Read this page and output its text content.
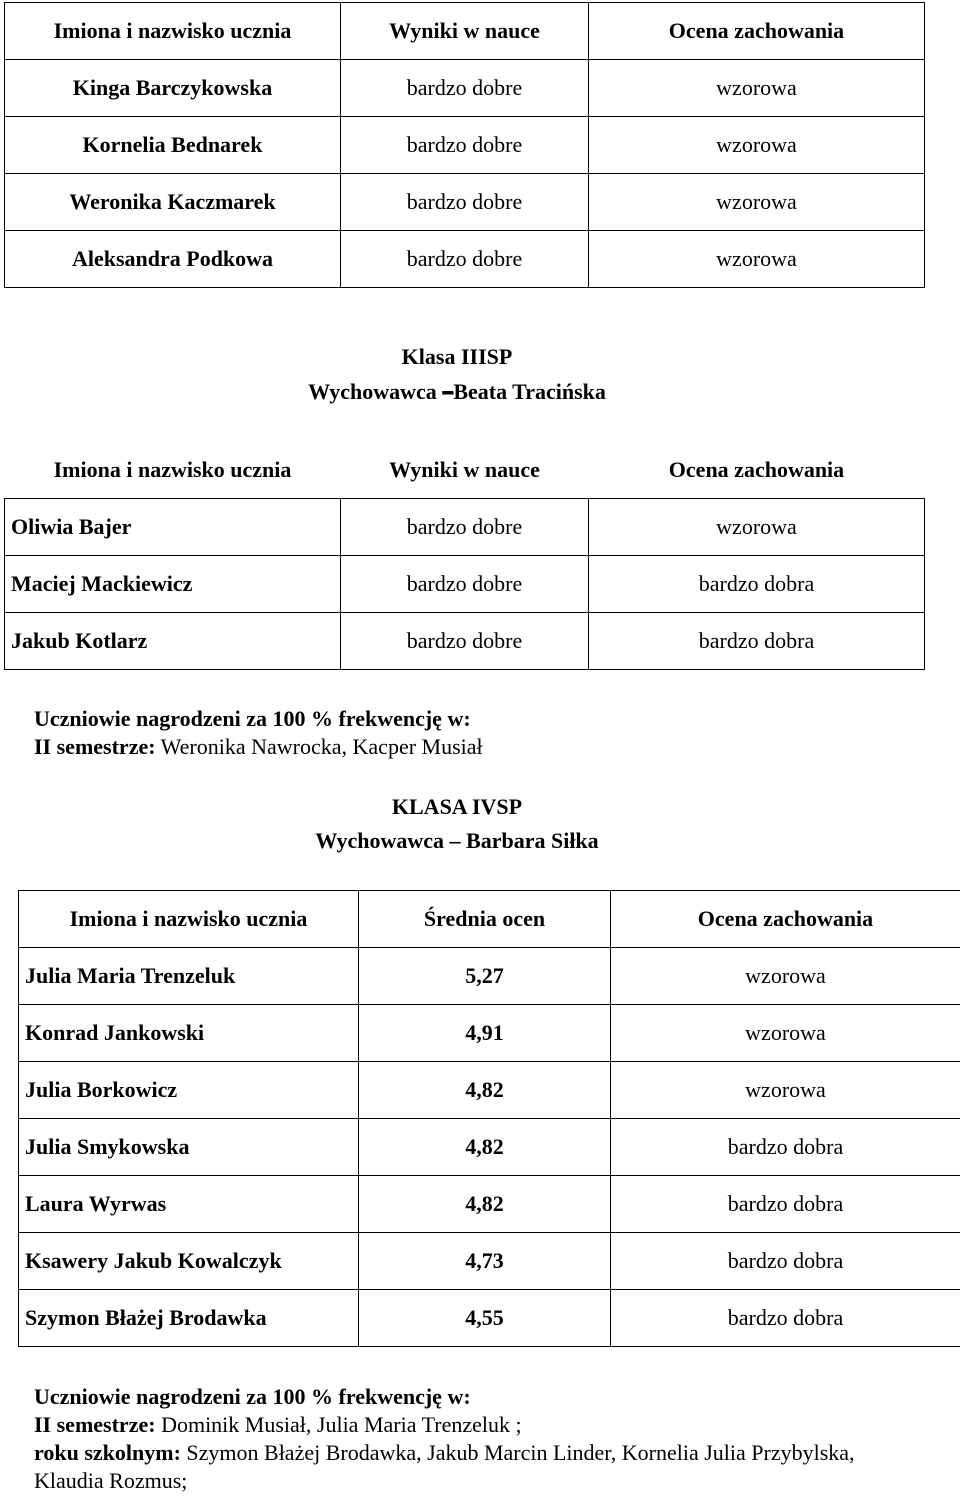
Imiona i nazwisko ucznia	Wyniki w nauce	Ocena zachowania
Kinga Barczykowska	bardzo dobre	wzorowa
Kornelia Bednarek	bardzo dobre	wzorowa
Weronika Kaczmarek	bardzo dobre	wzorowa
Aleksandra Podkowa	bardzo dobre	wzorowa
Klasa IIISP
Wychowawca –Beata Tracińska
Imiona i nazwisko ucznia	Wyniki w nauce	Ocena zachowania
Oliwia Bajer	bardzo dobre	wzorowa
Maciej Mackiewicz	bardzo dobre	bardzo dobra
Jakub Kotlarz	bardzo dobre	bardzo dobra
Uczniowie nagrodzeni za 100 % frekwencję w:
II semestrze: Weronika Nawrocka, Kacper Musiał
KLASA IVSP
Wychowawca – Barbara Siłka
Imiona i nazwisko ucznia	Średnia ocen	Ocena zachowania
Julia Maria Trenzeluk	5,27	wzorowa
Konrad Jankowski	4,91	wzorowa
Julia Borkowicz	4,82	wzorowa
Julia Smykowska	4,82	bardzo dobra
Laura Wyrwas	4,82	bardzo dobra
Ksawery Jakub Kowalczyk	4,73	bardzo dobra
Szymon Błażej Brodawka	4,55	bardzo dobra
Uczniowie nagrodzeni za 100 % frekwencję w:
II semestrze: Dominik Musiał, Julia Maria Trenzeluk ;
roku szkolnym: Szymon Błażej Brodawka, Jakub Marcin Linder, Kornelia Julia Przybylska, Klaudia Rozmus;
